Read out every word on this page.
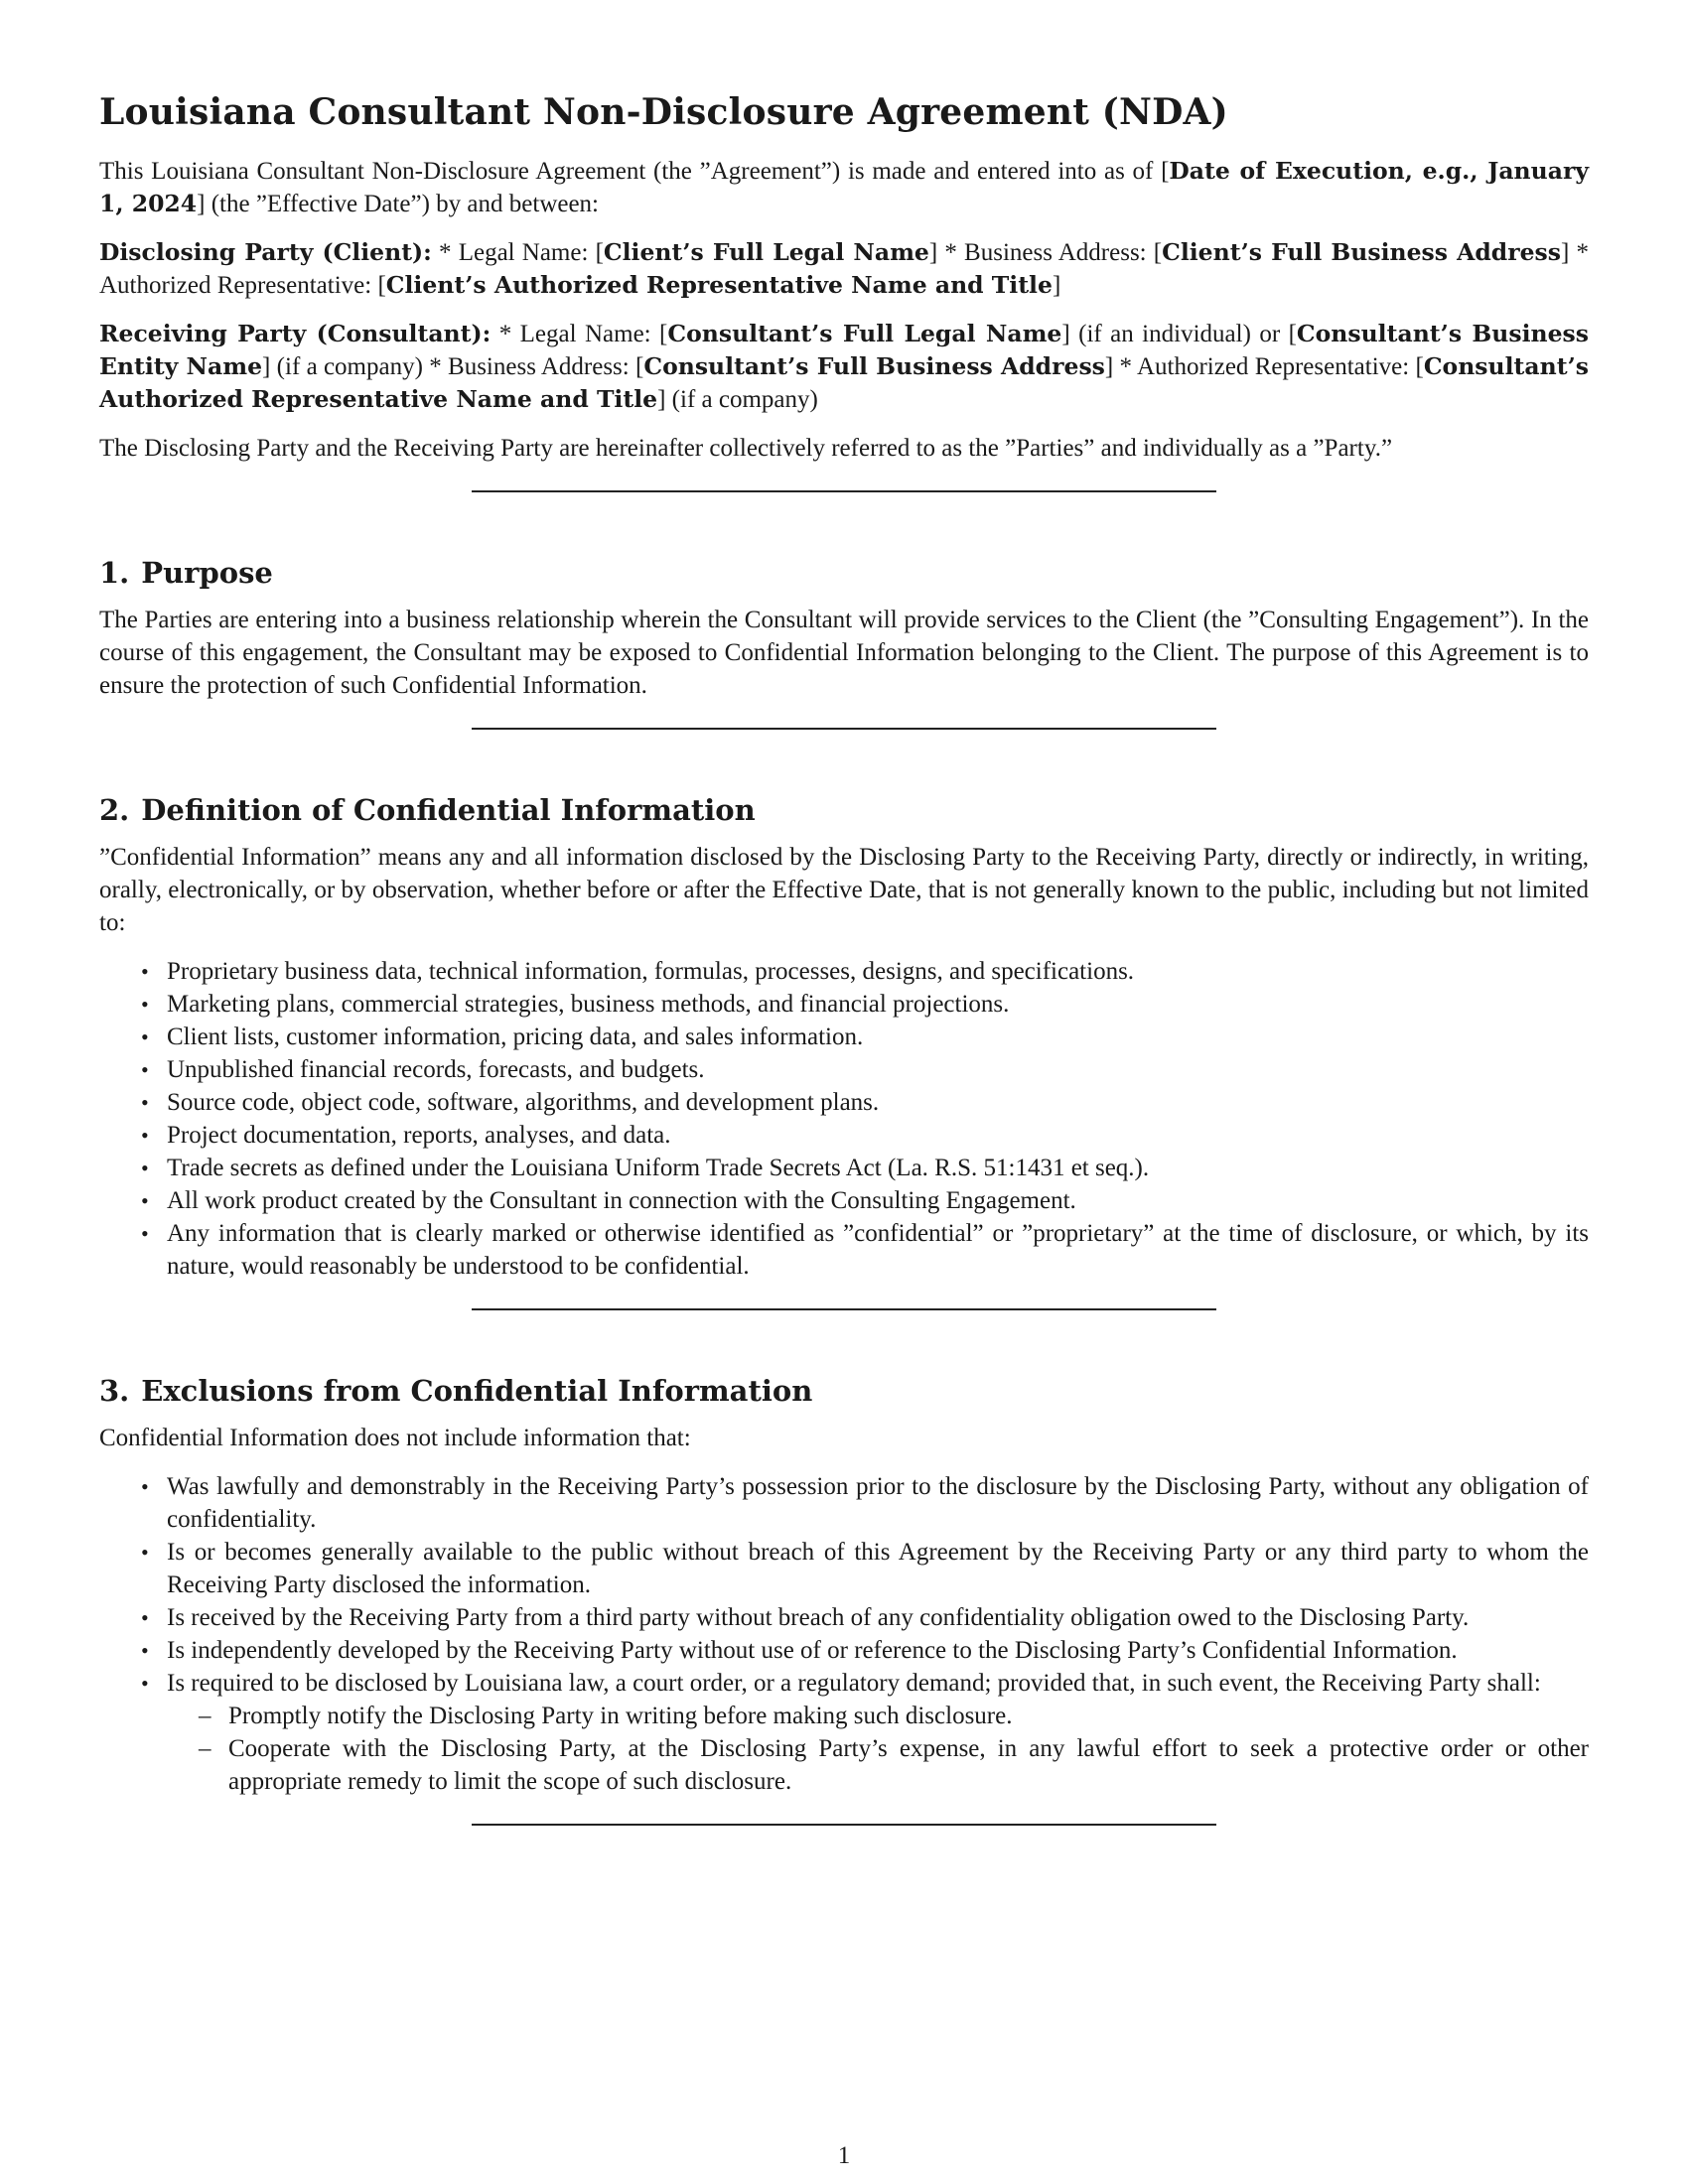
Louisiana Consultant Non-Disclosure Agreement (NDA)

This Louisiana Consultant Non-Disclosure Agreement (the ”Agreement”) is made and entered into as of [Date of Execution, e.g., January 1, 2024] (the ”Effective Date”) by and between:

Disclosing Party (Client): * Legal Name: [Client’s Full Legal Name] * Business Address: [Client’s Full Business Address] * Authorized Representative: [Client’s Authorized Representative Name and Title]

Receiving Party (Consultant): * Legal Name: [Consultant’s Full Legal Name] (if an individual) or [Consultant’s Business Entity Name] (if a company) * Business Address: [Consultant’s Full Business Address] * Authorized Representative: [Consultant’s Authorized Representative Name and Title] (if a company)

The Disclosing Party and the Receiving Party are hereinafter collectively referred to as the ”Parties” and individually as a ”Party.”

1. Purpose

The Parties are entering into a business relationship wherein the Consultant will provide services to the Client (the ”Consulting Engagement”). In the course of this engagement, the Consultant may be exposed to Confidential Information belonging to the Client. The purpose of this Agreement is to ensure the protection of such Confidential Information.

2. Definition of Confidential Information

”Confidential Information” means any and all information disclosed by the Disclosing Party to the Receiving Party, directly or indirectly, in writing, orally, electronically, or by observation, whether before or after the Effective Date, that is not generally known to the public, including but not limited to:

• Proprietary business data, technical information, formulas, processes, designs, and specifications.
• Marketing plans, commercial strategies, business methods, and financial projections.
• Client lists, customer information, pricing data, and sales information.
• Unpublished financial records, forecasts, and budgets.
• Source code, object code, software, algorithms, and development plans.
• Project documentation, reports, analyses, and data.
• Trade secrets as defined under the Louisiana Uniform Trade Secrets Act (La. R.S. 51:1431 et seq.).
• All work product created by the Consultant in connection with the Consulting Engagement.
• Any information that is clearly marked or otherwise identified as ”confidential” or ”proprietary” at the time of disclosure, or which, by its nature, would reasonably be understood to be confidential.
3. Exclusions from Confidential Information

Confidential Information does not include information that:

• Was lawfully and demonstrably in the Receiving Party’s possession prior to the disclosure by the Disclosing Party, without any obligation of confidentiality.
• Is or becomes generally available to the public without breach of this Agreement by the Receiving Party or any third party to whom the Receiving Party disclosed the information.
• Is received by the Receiving Party from a third party without breach of any confidentiality obligation owed to the Disclosing Party.
• Is independently developed by the Receiving Party without use of or reference to the Disclosing Party’s Confidential Information.
• Is required to be disclosed by Louisiana law, a court order, or a regulatory demand; provided that, in such event, the Receiving Party shall:
– Promptly notify the Disclosing Party in writing before making such disclosure.
– Cooperate with the Disclosing Party, at the Disclosing Party’s expense, in any lawful effort to seek a protective order or other appropriate remedy to limit the scope of such disclosure.
1
